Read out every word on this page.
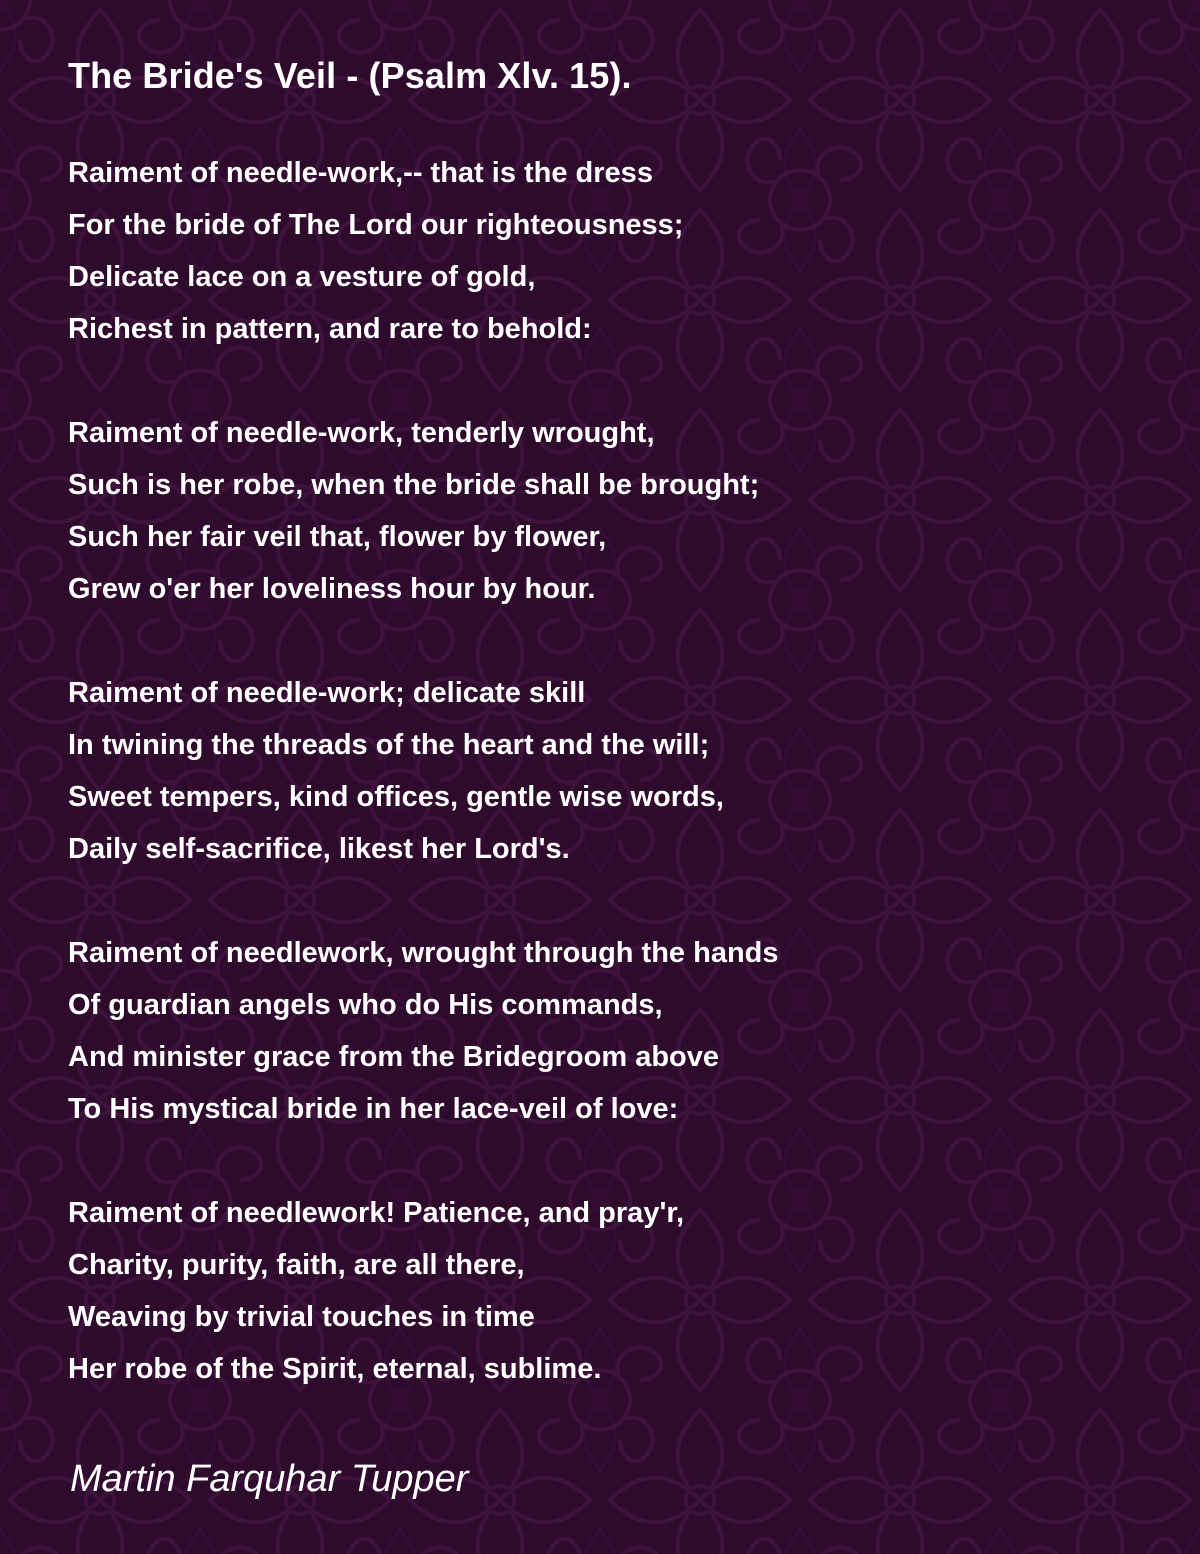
The Bride's Veil - (Psalm Xlv. 15).
Raiment of needle-work,-- that is the dress
For the bride of The Lord our righteousness;
Delicate lace on a vesture of gold,
Richest in pattern, and rare to behold:
Raiment of needle-work, tenderly wrought,
Such is her robe, when the bride shall be brought;
Such her fair veil that, flower by flower,
Grew o'er her loveliness hour by hour.
Raiment of needle-work; delicate skill
In twining the threads of the heart and the will;
Sweet tempers, kind offices, gentle wise words,
Daily self-sacrifice, likest her Lord's.
Raiment of needlework, wrought through the hands
Of guardian angels who do His commands,
And minister grace from the Bridegroom above
To His mystical bride in her lace-veil of love:
Raiment of needlework! Patience, and pray'r,
Charity, purity, faith, are all there,
Weaving by trivial touches in time
Her robe of the Spirit, eternal, sublime.
Martin Farquhar Tupper
